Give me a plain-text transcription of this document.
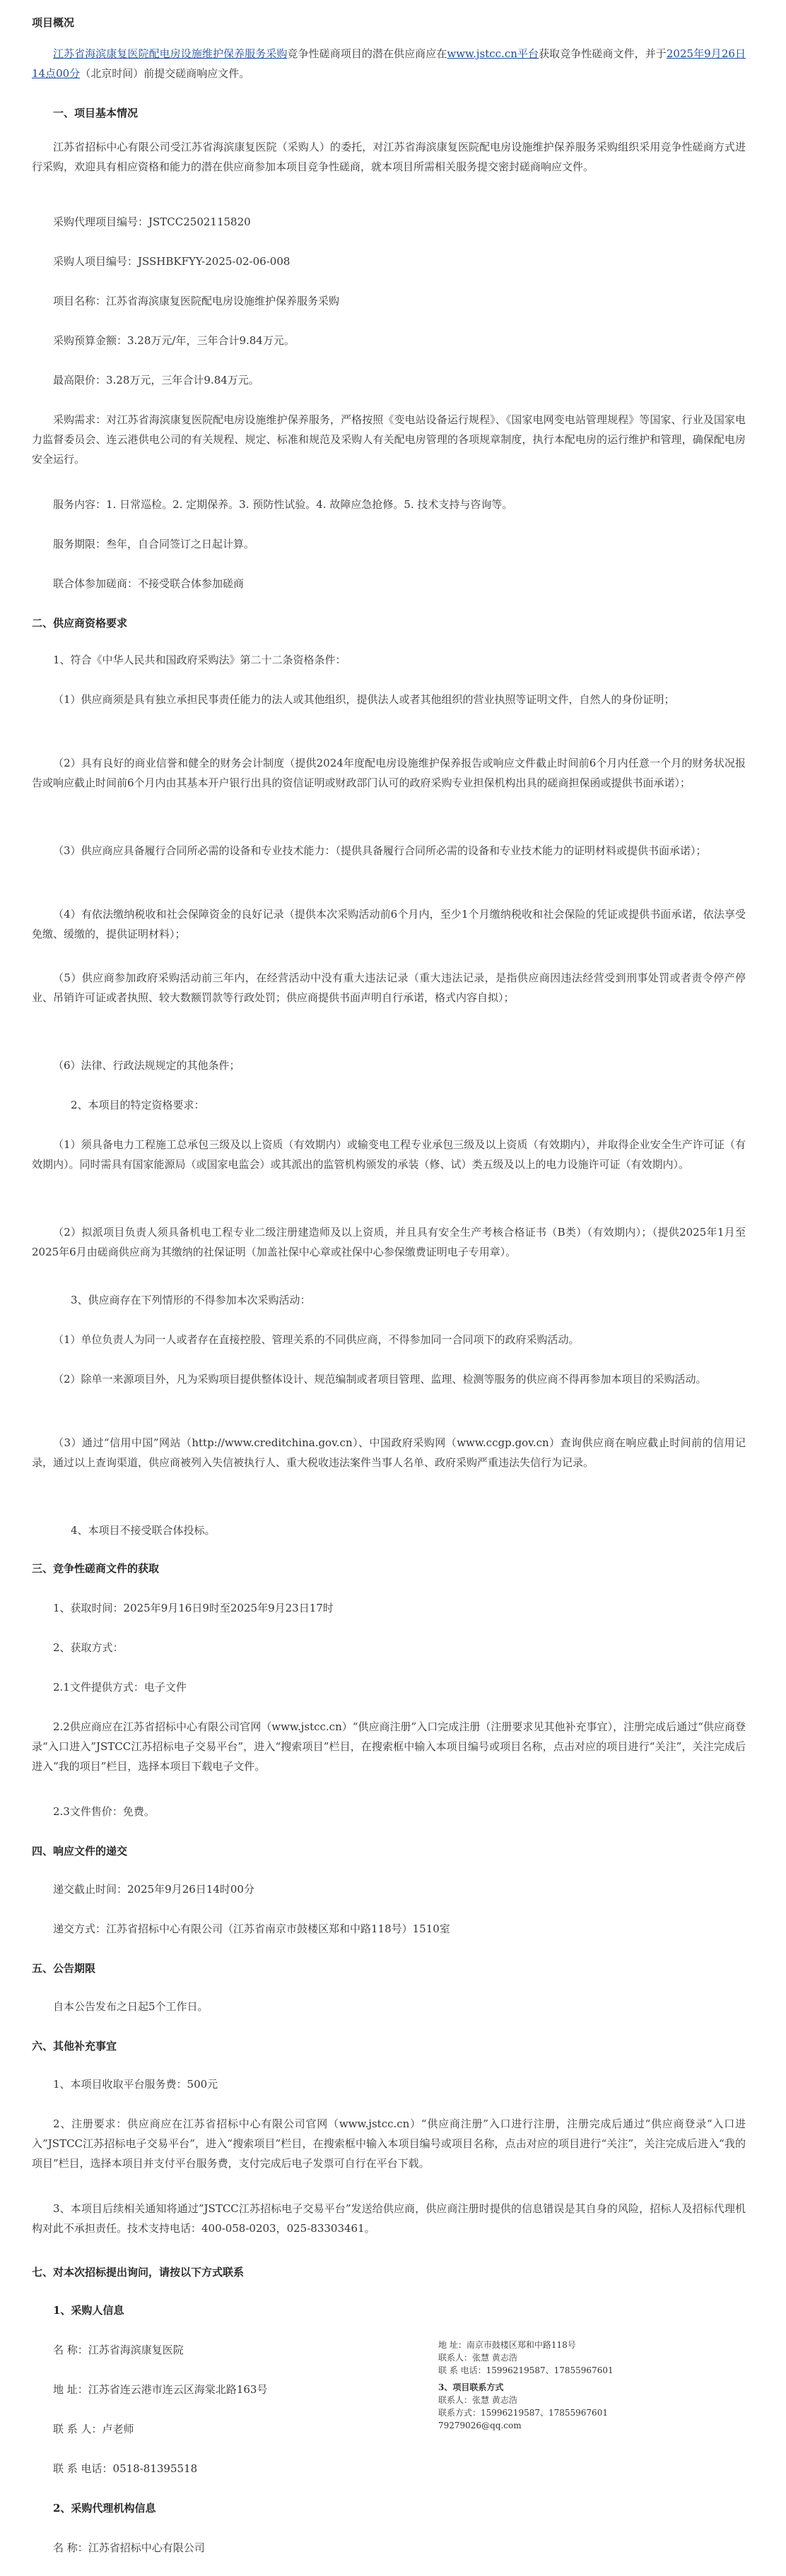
项目概况

江苏省海滨康复医院配电房设施维护保养服务采购竞争性磋商项目的潜在供应商应在www.jstcc.cn平台获取竞争性磋商文件，并于2025年9月26日14点00分（北京时间）前提交磋商响应文件。

一、项目基本情况

江苏省招标中心有限公司受江苏省海滨康复医院（采购人）的委托，对江苏省海滨康复医院配电房设施维护保养服务采购组织采用竞争性磋商方式进行采购，欢迎具有相应资格和能力的潜在供应商参加本项目竞争性磋商，就本项目所需相关服务提交密封磋商响应文件。

采购代理项目编号：JSTCC2502115820
采购人项目编号：JSSHBKFYY-2025-02-06-008
项目名称：江苏省海滨康复医院配电房设施维护保养服务采购
采购预算金额：3.28万元/年，三年合计9.84万元。
最高限价：3.28万元，三年合计9.84万元。

采购需求：对江苏省海滨康复医院配电房设施维护保养服务，严格按照《变电站设备运行规程》、《国家电网变电站管理规程》等国家、行业及国家电力监督委员会、连云港供电公司的有关规程、规定、标准和规范及采购人有关配电房管理的各项规章制度，执行本配电房的运行维护和管理，确保配电房安全运行。

服务内容：1. 日常巡检。2. 定期保养。3. 预防性试验。4. 故障应急抢修。5. 技术支持与咨询等。
服务期限：叁年，自合同签订之日起计算。
联合体参加磋商：不接受联合体参加磋商
二、供应商资格要求
1、符合《中华人民共和国政府采购法》第二十二条资格条件：

（1）供应商须是具有独立承担民事责任能力的法人或其他组织，提供法人或者其他组织的营业执照等证明文件，自然人的身份证明；

（2）具有良好的商业信誉和健全的财务会计制度（提供2024年度配电房设施维护保养报告或响应文件截止时间前6个月内任意一个月的财务状况报告或响应截止时间前6个月内由其基本开户银行出具的资信证明或财政部门认可的政府采购专业担保机构出具的磋商担保函或提供书面承诺）；

（3）供应商应具备履行合同所必需的设备和专业技术能力：（提供具备履行合同所必需的设备和专业技术能力的证明材料或提供书面承诺）；

（4）有依法缴纳税收和社会保障资金的良好记录（提供本次采购活动前6个月内，至少1个月缴纳税收和社会保险的凭证或提供书面承诺，依法享受免缴、缓缴的，提供证明材料）；

（5）供应商参加政府采购活动前三年内，在经营活动中没有重大违法记录（重大违法记录，是指供应商因违法经营受到刑事处罚或者责令停产停业、吊销许可证或者执照、较大数额罚款等行政处罚；供应商提供书面声明自行承诺，格式内容自拟）；

（6）法律、行政法规规定的其他条件；
2、本项目的特定资格要求：

（1）须具备电力工程施工总承包三级及以上资质（有效期内）或输变电工程专业承包三级及以上资质（有效期内），并取得企业安全生产许可证（有效期内）。同时需具有国家能源局（或国家电监会）或其派出的监管机构颁发的承装（修、试）类五级及以上的电力设施许可证（有效期内）。

（2）拟派项目负责人须具备机电工程专业二级注册建造师及以上资质，并且具有安全生产考核合格证书（B类）（有效期内）；（提供2025年1月至2025年6月由磋商供应商为其缴纳的社保证明（加盖社保中心章或社保中心参保缴费证明电子专用章）。

3、供应商存在下列情形的不得参加本次采购活动：
（1）单位负责人为同一人或者存在直接控股、管理关系的不同供应商，不得参加同一合同项下的政府采购活动。

（2）除单一来源项目外，凡为采购项目提供整体设计、规范编制或者项目管理、监理、检测等服务的供应商不得再参加本项目的采购活动。

（3）通过“信用中国”网站（http://www.creditchina.gov.cn）、中国政府采购网（www.ccgp.gov.cn）查询供应商在响应截止时间前的信用记录，通过以上查询渠道，供应商被列入失信被执行人、重大税收违法案件当事人名单、政府采购严重违法失信行为记录。

4、本项目不接受联合体投标。
三、竞争性磋商文件的获取
1、获取时间：2025年9月16日9时至2025年9月23日17时
2、获取方式：
2.1文件提供方式：电子文件

2.2供应商应在江苏省招标中心有限公司官网（www.jstcc.cn）“供应商注册”入口完成注册（注册要求见其他补充事宜），注册完成后通过“供应商登录“入口进入”JSTCC江苏招标电子交易平台”，进入“搜索项目”栏目，在搜索框中输入本项目编号或项目名称，点击对应的项目进行“关注”，关注完成后进入“我的项目”栏目，选择本项目下载电子文件。

2.3文件售价：免费。
四、响应文件的递交
递交截止时间：2025年9月26日14时00分
递交方式：江苏省招标中心有限公司（江苏省南京市鼓楼区郑和中路118号）1510室
五、公告期限
自本公告发布之日起5个工作日。
六、其他补充事宜
1、本项目收取平台服务费：500元

2、注册要求：供应商应在江苏省招标中心有限公司官网（www.jstcc.cn）“供应商注册”入口进行注册，注册完成后通过“供应商登录“入口进入”JSTCC江苏招标电子交易平台”，进入“搜索项目”栏目，在搜索框中输入本项目编号或项目名称，点击对应的项目进行“关注”，关注完成后进入“我的项目”栏目，选择本项目并支付平台服务费，支付完成后电子发票可自行在平台下载。

3、本项目后续相关通知将通过”JSTCC江苏招标电子交易平台”发送给供应商，供应商注册时提供的信息错误是其自身的风险，招标人及招标代理机构对此不承担责任。技术支持电话：400-058-0203，025-83303461。

七、对本次招标提出询问，请按以下方式联系
1、采购人信息
名 称：江苏省海滨康复医院
地 址：江苏省连云港市连云区海棠北路163号
联 系 人：卢老师
联 系 电话：0518-81395518
2、采购代理机构信息
名 称：江苏省招标中心有限公司
地 址：南京市鼓楼区郑和中路118号
联系人：张慧 黄志浩
联 系 电话：15996219587、17855967601
3、项目联系方式
联系人：张慧 黄志浩
联系方式：15996219587、17855967601
79279026@qq.com
